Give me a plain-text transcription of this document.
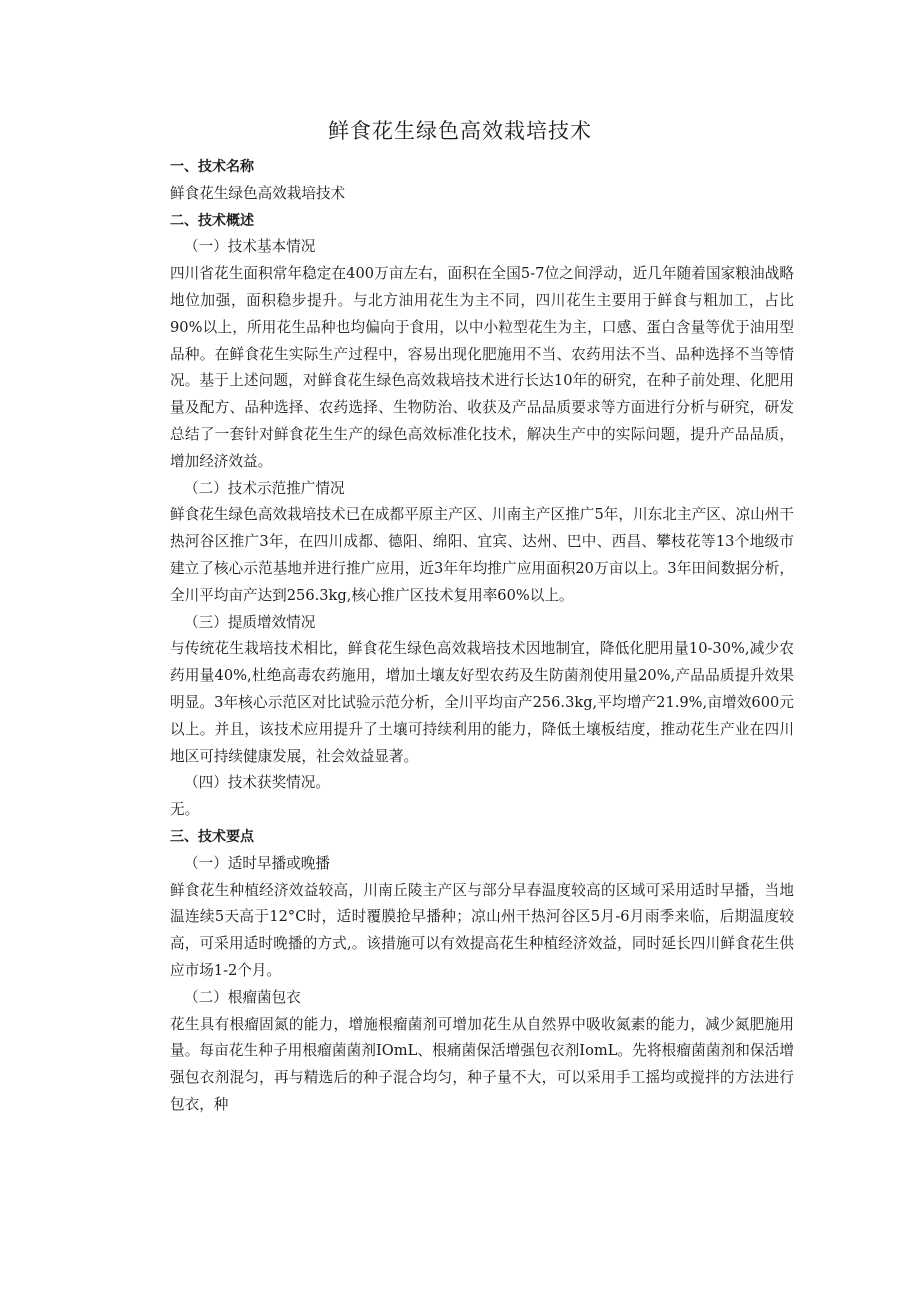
鲜食花生绿色高效栽培技术

一、技术名称

鲜食花生绿色高效栽培技术

二、技术概述

（一）技术基本情况

四川省花生面积常年稳定在400万亩左右，面积在全国5-7位之间浮动，近几年随着国家粮油战略地位加强，面积稳步提升。与北方油用花生为主不同，四川花生主要用于鲜食与粗加工，占比90%以上，所用花生品种也均偏向于食用，以中小粒型花生为主，口感、蛋白含量等优于油用型品种。在鲜食花生实际生产过程中，容易出现化肥施用不当、农药用法不当、品种选择不当等情况。基于上述问题，对鲜食花生绿色高效栽培技术进行长达10年的研究，在种子前处理、化肥用量及配方、品种选择、农药选择、生物防治、收获及产品品质要求等方面进行分析与研究，研发总结了一套针对鲜食花生生产的绿色高效标准化技术，解决生产中的实际问题，提升产品品质，增加经济效益。

（二）技术示范推广情况

鲜食花生绿色高效栽培技术已在成都平原主产区、川南主产区推广5年，川东北主产区、凉山州干热河谷区推广3年，在四川成都、德阳、绵阳、宜宾、达州、巴中、西昌、攀枝花等13个地级市建立了核心示范基地并进行推广应用，近3年年均推广应用面积20万亩以上。3年田间数据分析，全川平均亩产达到256.3kg,核心推广区技术复用率60%以上。

（三）提质增效情况

与传统花生栽培技术相比，鲜食花生绿色高效栽培技术因地制宜，降低化肥用量10-30%,减少农药用量40%,杜绝高毒农药施用，增加土壤友好型农药及生防菌剂使用量20%,产品品质提升效果明显。3年核心示范区对比试验示范分析，全川平均亩产256.3kg,平均增产21.9%,亩增效600元以上。并且，该技术应用提升了土壤可持续利用的能力，降低土壤板结度，推动花生产业在四川地区可持续健康发展，社会效益显著。

（四）技术获奖情况。

无。

三、技术要点

（一）适时早播或晚播

鲜食花生种植经济效益较高，川南丘陵主产区与部分早春温度较高的区域可采用适时早播，当地温连续5天高于12°C时，适时覆膜抢早播种；凉山州干热河谷区5月-6月雨季来临，后期温度较高，可采用适时晚播的方式,。该措施可以有效提高花生种植经济效益，同时延长四川鲜食花生供应市场1-2个月。

（二）根瘤菌包衣

花生具有根瘤固氮的能力，增施根瘤菌剂可增加花生从自然界中吸收氮素的能力，减少氮肥施用量。每亩花生种子用根瘤菌菌剂IOmL、根痛菌保活增强包衣剂IomL。先将根瘤菌菌剂和保活增强包衣剂混匀，再与精选后的种子混合均匀，种子量不大，可以采用手工摇均或搅拌的方法进行包衣，种
